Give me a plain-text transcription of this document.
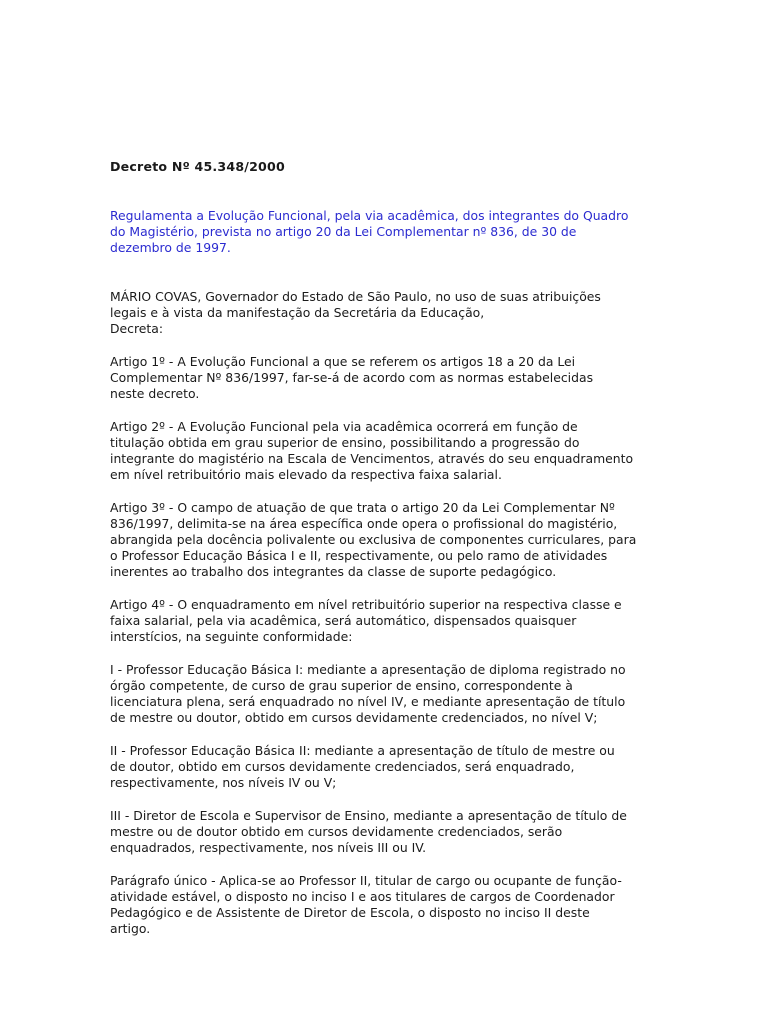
Decreto Nº 45.348/2000

Regulamenta a Evolução Funcional, pela via acadêmica, dos integrantes do Quadro
do Magistério, prevista no artigo 20 da Lei Complementar nº 836, de 30 de
dezembro de 1997.

MÁRIO COVAS, Governador do Estado de São Paulo, no uso de suas atribuições
legais e à vista da manifestação da Secretária da Educação,
Decreta:

Artigo 1º - A Evolução Funcional a que se referem os artigos 18 a 20 da Lei
Complementar Nº 836/1997, far-se-á de acordo com as normas estabelecidas
neste decreto.

Artigo 2º - A Evolução Funcional pela via acadêmica ocorrerá em função de
titulação obtida em grau superior de ensino, possibilitando a progressão do
integrante do magistério na Escala de Vencimentos, através do seu enquadramento
em nível retribuitório mais elevado da respectiva faixa salarial.

Artigo 3º - O campo de atuação de que trata o artigo 20 da Lei Complementar Nº
836/1997, delimita-se na área específica onde opera o profissional do magistério,
abrangida pela docência polivalente ou exclusiva de componentes curriculares, para
o Professor Educação Básica I e II, respectivamente, ou pelo ramo de atividades
inerentes ao trabalho dos integrantes da classe de suporte pedagógico.

Artigo 4º - O enquadramento em nível retribuitório superior na respectiva classe e
faixa salarial, pela via acadêmica, será automático, dispensados quaisquer
interstícios, na seguinte conformidade:

I - Professor Educação Básica I: mediante a apresentação de diploma registrado no
órgão competente, de curso de grau superior de ensino, correspondente à
licenciatura plena, será enquadrado no nível IV, e mediante apresentação de título
de mestre ou doutor, obtido em cursos devidamente credenciados, no nível V;

II - Professor Educação Básica II: mediante a apresentação de título de mestre ou
de doutor, obtido em cursos devidamente credenciados, será enquadrado,
respectivamente, nos níveis IV ou V;

III - Diretor de Escola e Supervisor de Ensino, mediante a apresentação de título de
mestre ou de doutor obtido em cursos devidamente credenciados, serão
enquadrados, respectivamente, nos níveis III ou IV.

Parágrafo único - Aplica-se ao Professor II, titular de cargo ou ocupante de função-
atividade estável, o disposto no inciso I e aos titulares de cargos de Coordenador
Pedagógico e de Assistente de Diretor de Escola, o disposto no inciso II deste
artigo.
